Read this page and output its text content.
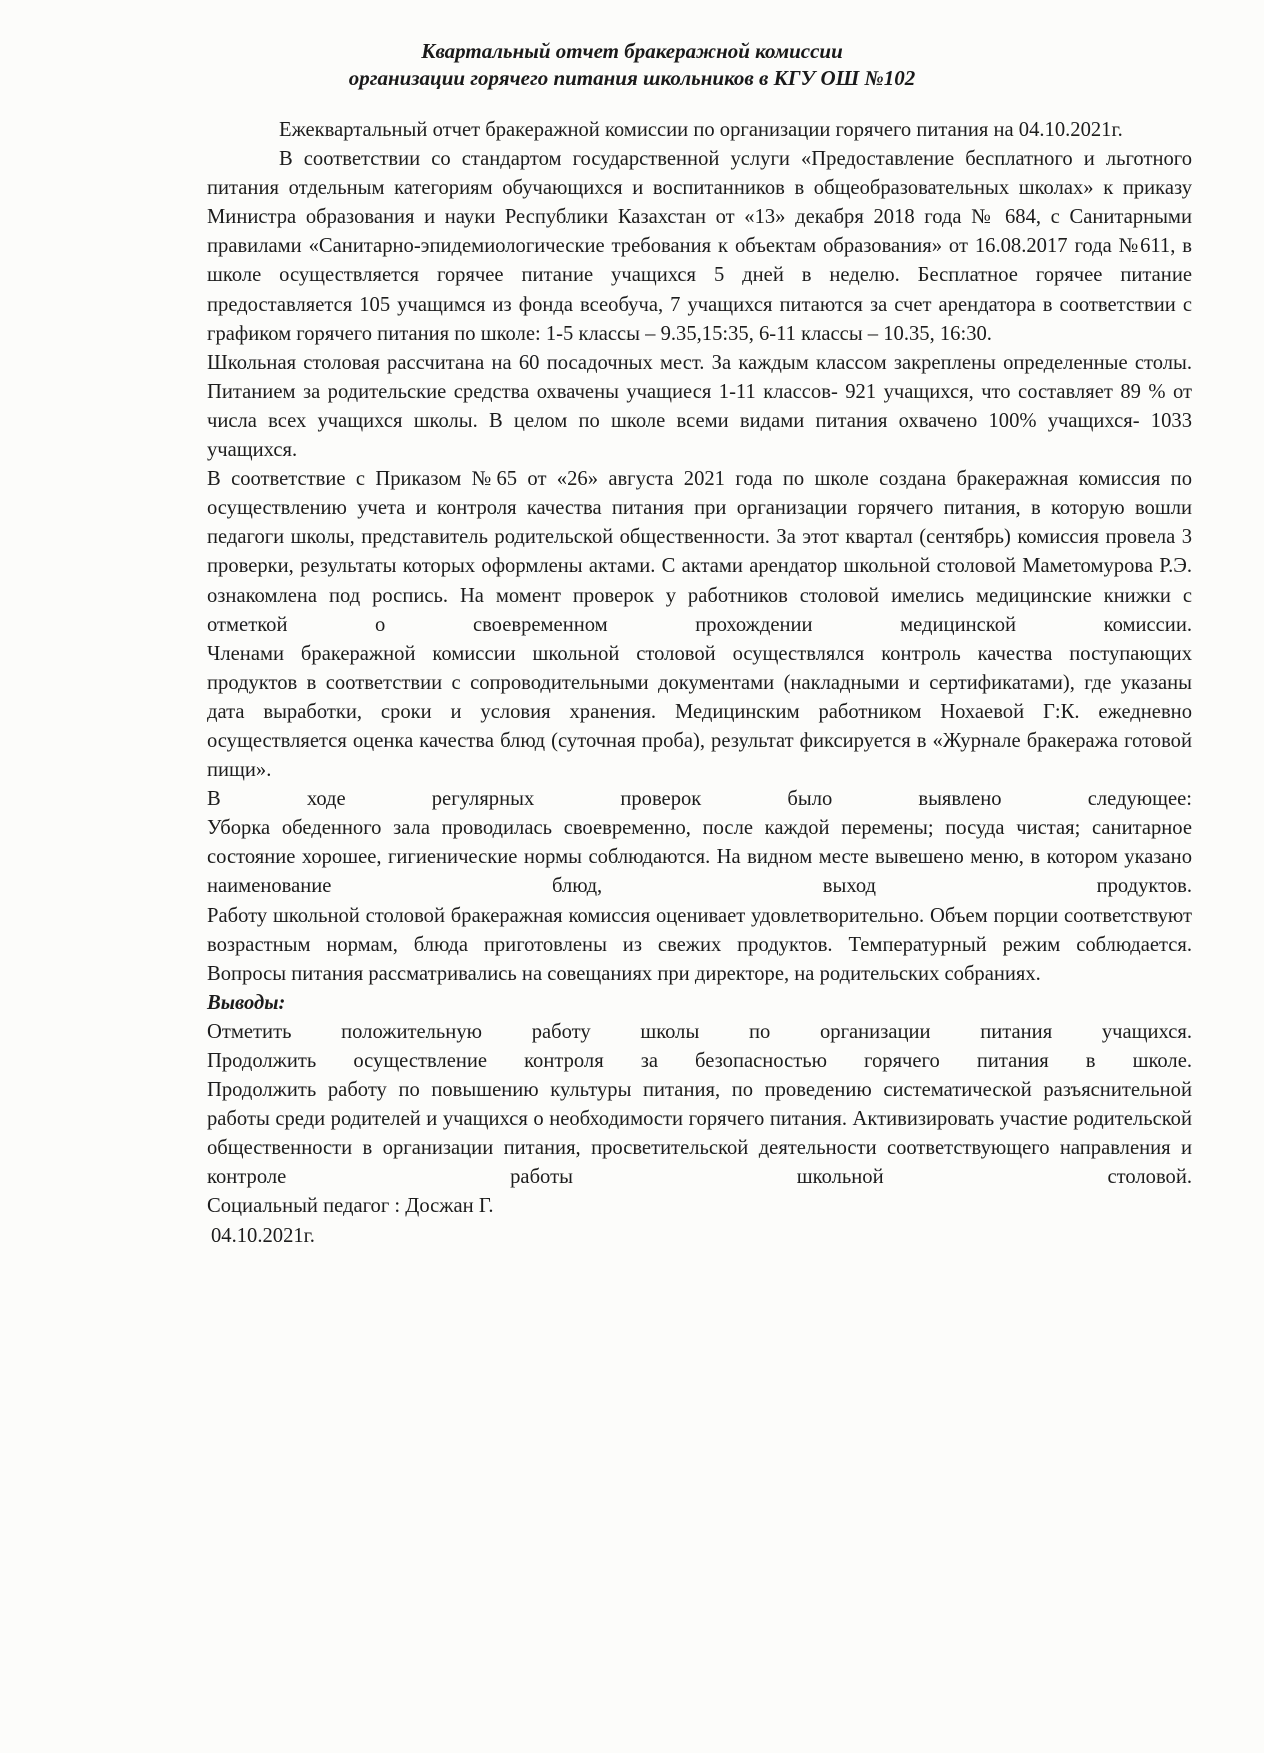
Квартальный отчет бракеражной комиссии
организации горячего питания школьников в КГУ ОШ №102

Ежеквартальный отчет бракеражной комиссии по организации горячего питания на 04.10.2021г.

В соответствии со стандартом государственной услуги «Предоставление бесплатного и льготного питания отдельным категориям обучающихся и воспитанников в общеобразовательных школах» к приказу Министра образования и науки Республики Казахстан от «13» декабря 2018 года № 684, с Санитарными правилами «Санитарно-эпидемиологические требования к объектам образования» от 16.08.2017 года №611, в школе осуществляется горячее питание учащихся 5 дней в неделю. Бесплатное горячее питание предоставляется 105 учащимся из фонда всеобуча, 7 учащихся питаются за счет арендатора в соответствии с графиком горячего питания по школе: 1-5 классы – 9.35,15:35, 6-11 классы – 10.35, 16:30.

Школьная столовая рассчитана на 60 посадочных мест. За каждым классом закреплены определенные столы. Питанием за родительские средства охвачены учащиеся 1-11 классов- 921 учащихся, что составляет 89 % от числа всех учащихся школы. В целом по школе всеми видами питания охвачено 100% учащихся- 1033 учащихся.

В соответствие с Приказом №65 от «26» августа 2021 года по школе создана бракеражная комиссия по осуществлению учета и контроля качества питания при организации горячего питания, в которую вошли педагоги школы, представитель родительской общественности. За этот квартал (сентябрь) комиссия провела 3 проверки, результаты которых оформлены актами. С актами арендатор школьной столовой Маметомурова Р.Э. ознакомлена под роспись. На момент проверок у работников столовой имелись медицинские книжки с отметкой о своевременном прохождении медицинской комиссии.

Членами бракеражной комиссии школьной столовой осуществлялся контроль качества поступающих продуктов в соответствии с сопроводительными документами (накладными и сертификатами), где указаны дата выработки, сроки и условия хранения. Медицинским работником Нохаевой Г:К. ежедневно осуществляется оценка качества блюд (суточная проба), результат фиксируется в «Журнале бракеража готовой пищи».

В ходе регулярных проверок было выявлено следующее:

Уборка обеденного зала проводилась своевременно, после каждой перемены; посуда чистая; санитарное состояние хорошее, гигиенические нормы соблюдаются. На видном месте вывешено меню, в котором указано наименование блюд, выход продуктов.

Работу школьной столовой бракеражная комиссия оценивает удовлетворительно. Объем порции соответствуют возрастным нормам, блюда приготовлены из свежих продуктов. Температурный режим соблюдается.

Вопросы питания рассматривались на совещаниях при директоре, на родительских собраниях.

Выводы:

Отметить положительную работу школы по организации питания учащихся.

Продолжить осуществление контроля за безопасностью горячего питания в школе.

Продолжить работу по повышению культуры питания, по проведению систематической разъяснительной работы среди родителей и учащихся о необходимости горячего питания. Активизировать участие родительской общественности в организации питания, просветительской деятельности соответствующего направления и контроле работы школьной столовой.

Социальный педагог : Досжан Г.

04.10.2021г.
